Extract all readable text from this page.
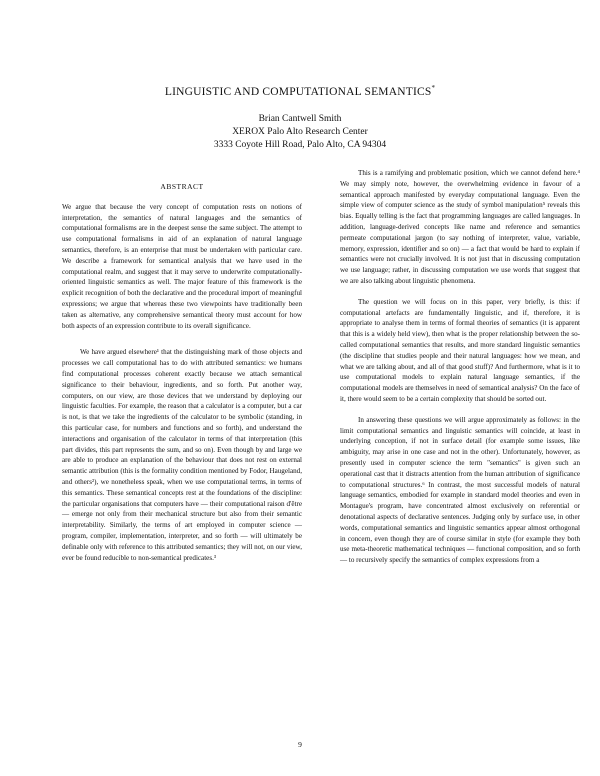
LINGUISTIC AND COMPUTATIONAL SEMANTICS*
Brian Cantwell Smith
XEROX Palo Alto Research Center
3333 Coyote Hill Road, Palo Alto, CA 94304
ABSTRACT

We argue that because the very concept of computation rests on notions of interpretation, the semantics of natural languages and the semantics of computational formalisms are in the deepest sense the same subject. The attempt to use computational formalisms in aid of an explanation of natural language semantics, therefore, is an enterprise that must be undertaken with particular care. We describe a framework for semantical analysis that we have used in the computational realm, and suggest that it may serve to underwrite computationally-oriented linguistic semantics as well. The major feature of this framework is the explicit recognition of both the declarative and the procedural import of meaningful expressions; we argue that whereas these two viewpoints have traditionally been taken as alternative, any comprehensive semantical theory must account for how both aspects of an expression contribute to its overall significance.

We have argued elsewhere¹ that the distinguishing mark of those objects and processes we call computational has to do with attributed semantics: we humans find computational processes coherent exactly because we attach semantical significance to their behaviour, ingredients, and so forth. Put another way, computers, on our view, are those devices that we understand by deploying our linguistic faculties. For example, the reason that a calculator is a computer, but a car is not, is that we take the ingredients of the calculator to be symbolic (standing, in this particular case, for numbers and functions and so forth), and understand the interactions and organisation of the calculator in terms of that interpretation (this part divides, this part represents the sum, and so on). Even though by and large we are able to produce an explanation of the behaviour that does not rest on external semantic attribution (this is the formality condition mentioned by Fodor, Haugeland, and others²), we nonetheless speak, when we use computational terms, in terms of this semantics. These semantical concepts rest at the foundations of the discipline: the particular organisations that computers have — their computational raison d'être — emerge not only from their mechanical structure but also from their semantic interpretability. Similarly, the terms of art employed in computer science — program, compiler, implementation, interpreter, and so forth — will ultimately be definable only with reference to this attributed semantics; they will not, on our view, ever be found reducible to non-semantical predicates.³

This is a ramifying and problematic position, which we cannot defend here.⁴ We may simply note, however, the overwhelming evidence in favour of a semantical approach manifested by everyday computational language. Even the simple view of computer science as the study of symbol manipulation⁵ reveals this bias. Equally telling is the fact that programming languages are called languages. In addition, language-derived concepts like name and reference and semantics permeate computational jargon (to say nothing of interpreter, value, variable, memory, expression, identifier and so on) — a fact that would be hard to explain if semantics were not crucially involved. It is not just that in discussing computation we use language; rather, in discussing computation we use words that suggest that we are also talking about linguistic phenomena.

The question we will focus on in this paper, very briefly, is this: if computational artefacts are fundamentally linguistic, and if, therefore, it is appropriate to analyse them in terms of formal theories of semantics (it is apparent that this is a widely held view), then what is the proper relationship between the so-called computational semantics that results, and more standard linguistic semantics (the discipline that studies people and their natural languages: how we mean, and what we are talking about, and all of that good stuff)? And furthermore, what is it to use computational models to explain natural language semantics, if the computational models are themselves in need of semantical analysis? On the face of it, there would seem to be a certain complexity that should be sorted out.

In answering these questions we will argue approximately as follows: in the limit computational semantics and linguistic semantics will coincide, at least in underlying conception, if not in surface detail (for example some issues, like ambiguity, may arise in one case and not in the other). Unfortunately, however, as presently used in computer science the term "semantics" is given such an operational cast that it distracts attention from the human attribution of significance to computational structures.⁶ In contrast, the most successful models of natural language semantics, embodied for example in standard model theories and even in Montague's program, have concentrated almost exclusively on referential or denotational aspects of declarative sentences. Judging only by surface use, in other words, computational semantics and linguistic semantics appear almost orthogonal in concern, even though they are of course similar in style (for example they both use meta-theoretic mathematical techniques — functional composition, and so forth — to recursively specify the semantics of complex expressions from a

9
